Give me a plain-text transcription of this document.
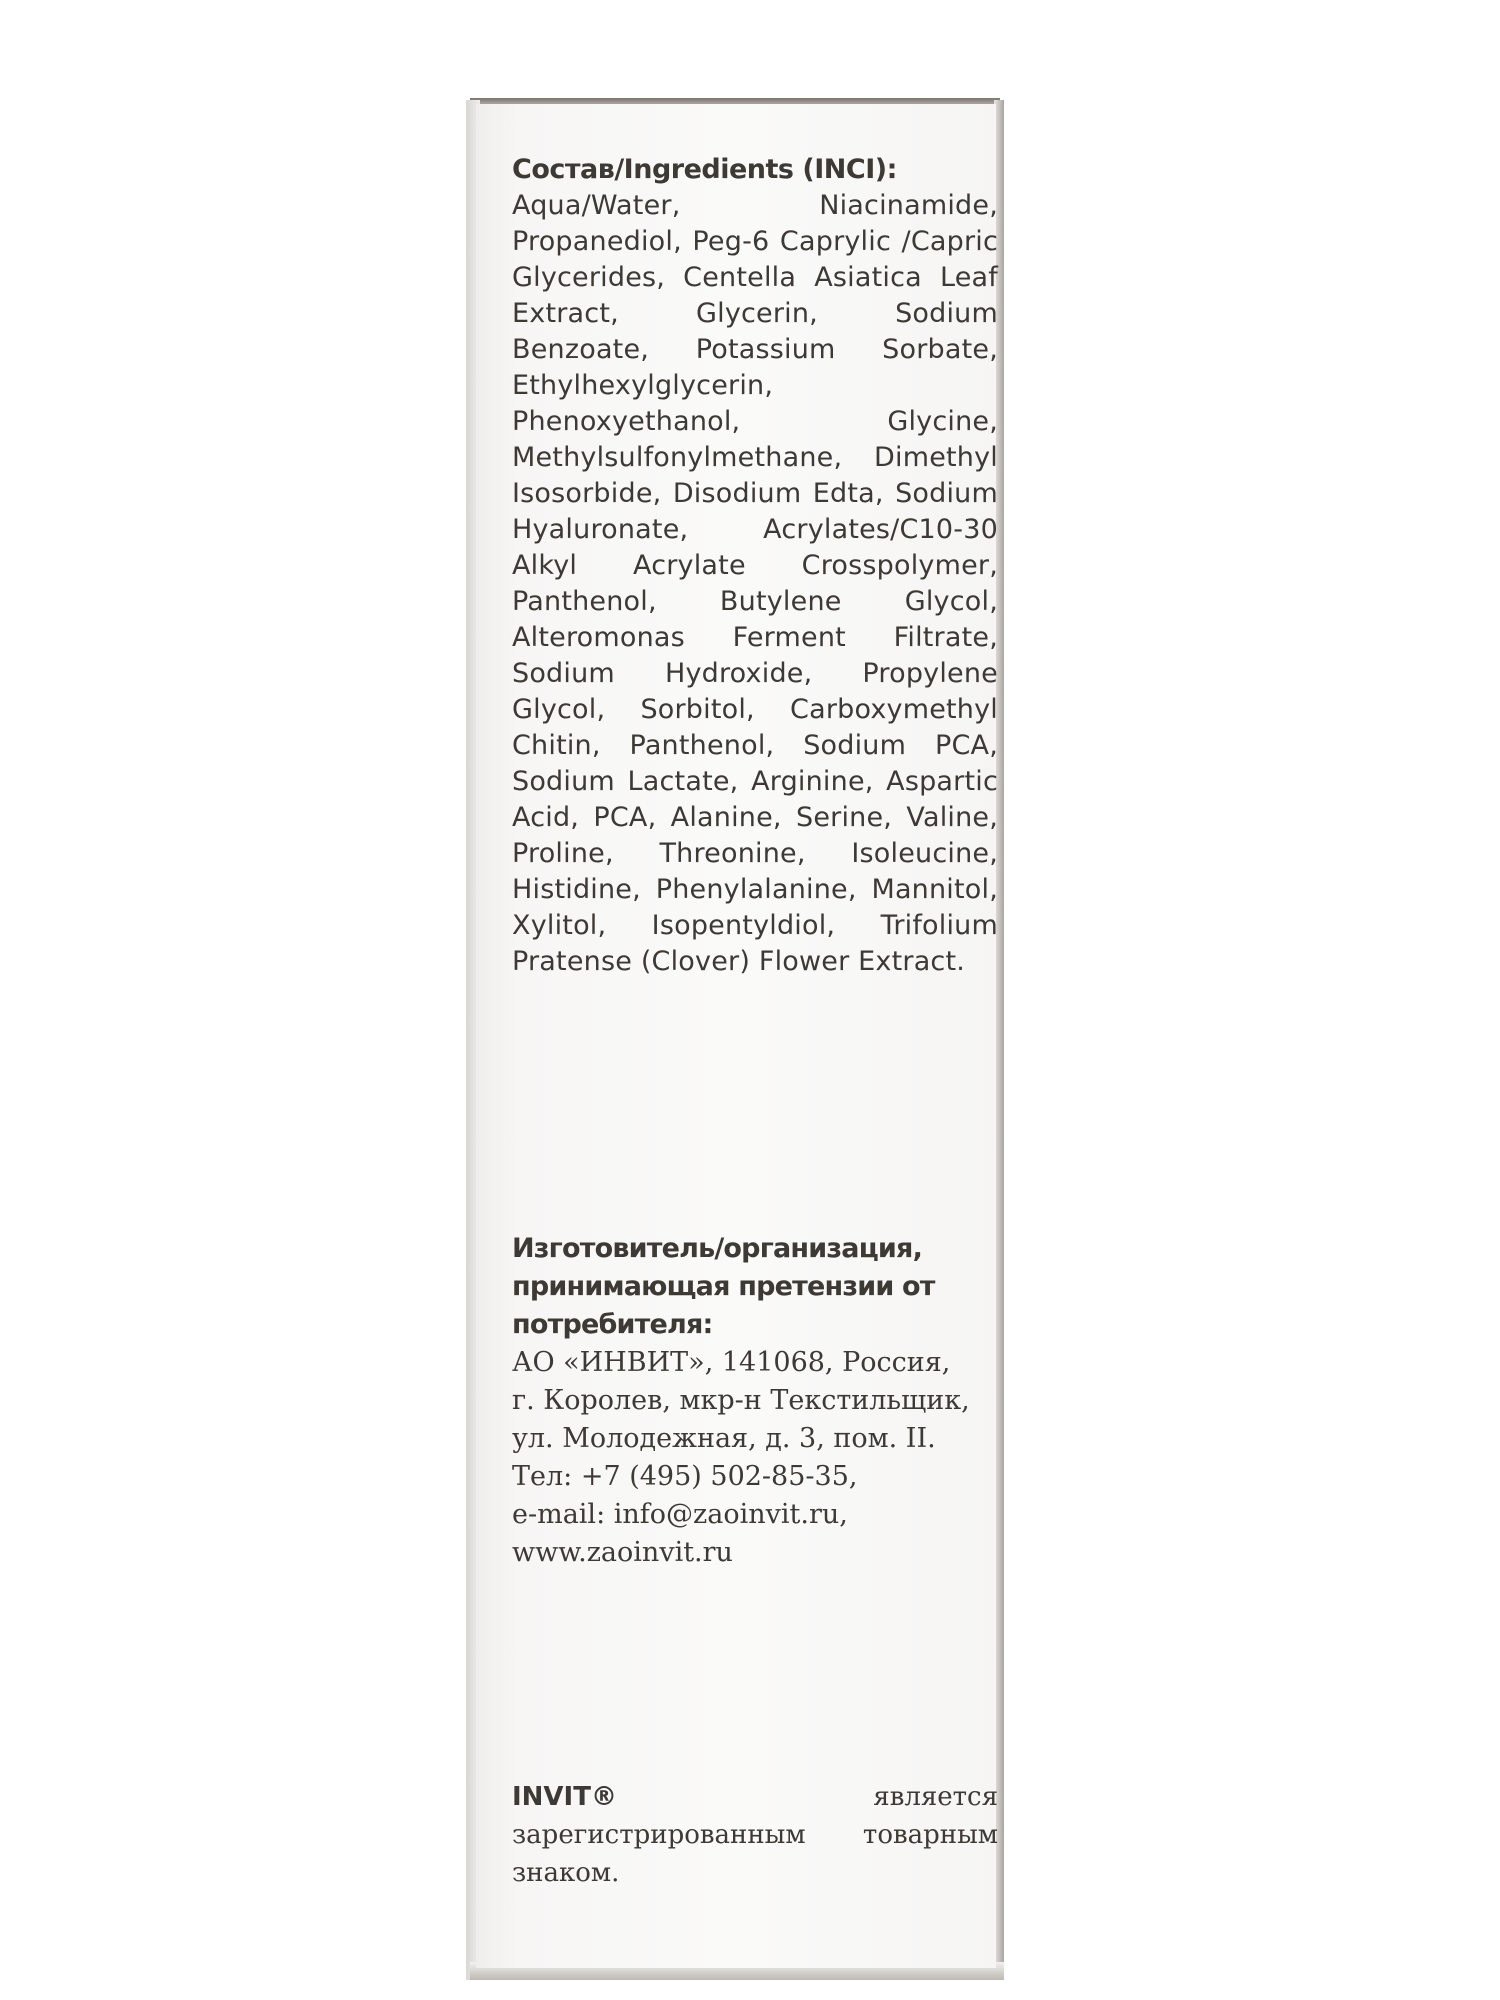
Состав/Ingredients (INCI):

Aqua/Water, Niacinamide, Propanediol, Peg-6 Caprylic /Capric Glycerides, Centella Asiatica Leaf Extract, Glycerin, Sodium Benzoate, Potassium Sorbate, Ethylhexylglycerin, Phenoxyethanol, Glycine, Methylsulfonylmethane, Dimethyl Isosorbide, Disodium Edta, Sodium Hyaluronate, Acrylates/C10-30 Alkyl Acrylate Crosspolymer, Panthenol, Butylene Glycol, Alteromonas Ferment Filtrate, Sodium Hydroxide, Propylene Glycol, Sorbitol, Carboxymethyl Chitin, Panthenol, Sodium PCA, Sodium Lactate, Arginine, Aspartic Acid, PCA, Alanine, Serine, Valine, Proline, Threonine, Isoleucine, Histidine, Phenylalanine, Mannitol, Xylitol, Isopentyldiol, Trifolium Pratense (Clover) Flower Extract.

Изготовитель/организация,

принимающая претензии от

потребителя:

АО «ИНВИТ», 141068, Россия,

г. Королев, мкр-н Текстильщик,

ул. Молодежная, д. 3, пом. II.

Тел: +7 (495) 502-85-35,

e-mail: info@zaoinvit.ru,

www.zaoinvit.ru

INVIT® является зарегистрированным товарным знаком.
